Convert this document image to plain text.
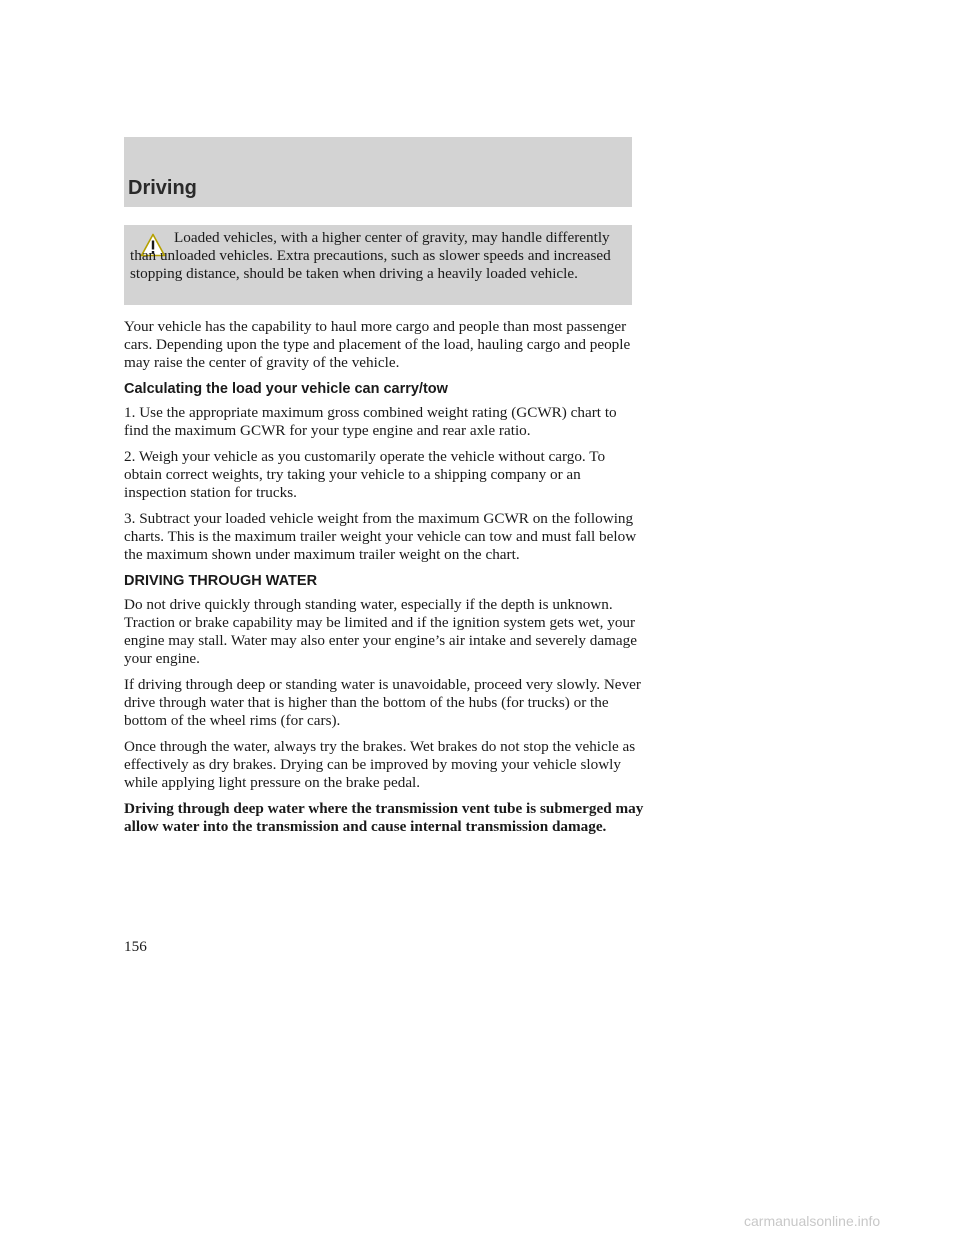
Driving

Loaded vehicles, with a higher center of gravity, may handle differently than unloaded vehicles. Extra precautions, such as slower speeds and increased stopping distance, should be taken when driving a heavily loaded vehicle.

Your vehicle has the capability to haul more cargo and people than most passenger cars. Depending upon the type and placement of the load, hauling cargo and people may raise the center of gravity of the vehicle.

Calculating the load your vehicle can carry/tow

1. Use the appropriate maximum gross combined weight rating (GCWR) chart to find the maximum GCWR for your type engine and rear axle ratio.

2. Weigh your vehicle as you customarily operate the vehicle without cargo. To obtain correct weights, try taking your vehicle to a shipping company or an inspection station for trucks.

3. Subtract your loaded vehicle weight from the maximum GCWR on the following charts. This is the maximum trailer weight your vehicle can tow and must fall below the maximum shown under maximum trailer weight on the chart.

DRIVING THROUGH WATER

Do not drive quickly through standing water, especially if the depth is unknown. Traction or brake capability may be limited and if the ignition system gets wet, your engine may stall. Water may also enter your engine’s air intake and severely damage your engine.

If driving through deep or standing water is unavoidable, proceed very slowly. Never drive through water that is higher than the bottom of the hubs (for trucks) or the bottom of the wheel rims (for cars).

Once through the water, always try the brakes. Wet brakes do not stop the vehicle as effectively as dry brakes. Drying can be improved by moving your vehicle slowly while applying light pressure on the brake pedal.

Driving through deep water where the transmission vent tube is submerged may allow water into the transmission and cause internal transmission damage.

156

carmanualsonline.info
